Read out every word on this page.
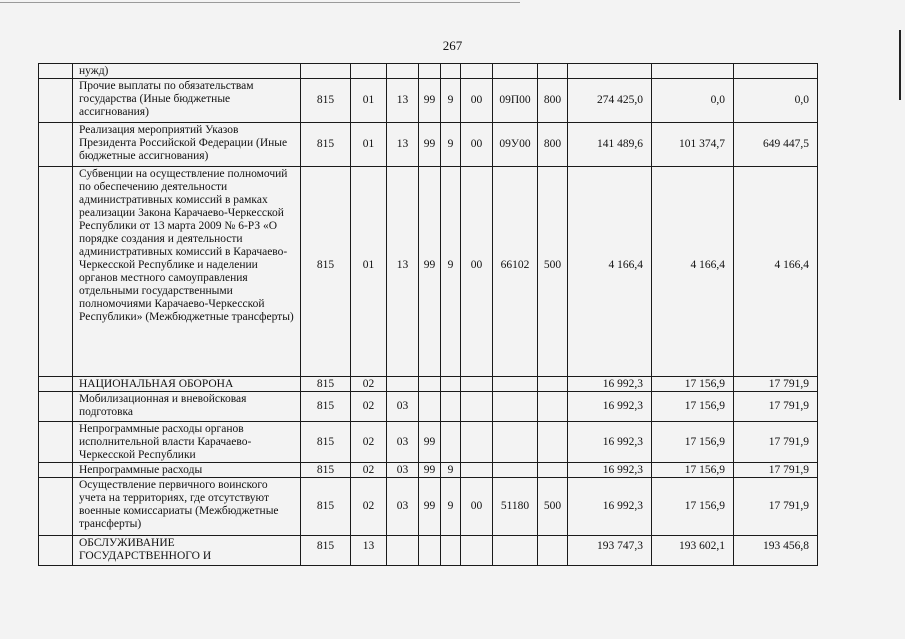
267
	нужд)											
	Прочие выплаты по обязательствам государства (Иные бюджетные ассигнования)	815	01	13	99	9	00	09П00	800	274 425,0	0,0	0,0
	Реализация мероприятий Указов Президента Российской Федерации (Иные бюджетные ассигнования)	815	01	13	99	9	00	09У00	800	141 489,6	101 374,7	649 447,5
	Субвенции на осуществление полномочий по обеспечению деятельности административных комиссий в рамках реализации Закона Карачаево-Черкесской Республики от 13 марта 2009 № 6-РЗ «О порядке создания и деятельности административных комиссий в Карачаево-Черкесской Республике и наделении органов местного самоуправления отдельными государственными полномочиями Карачаево-Черкесской Республики» (Межбюджетные трансферты)	815	01	13	99	9	00	66102	500	4 166,4	4 166,4	4 166,4
	НАЦИОНАЛЬНАЯ ОБОРОНА	815	02							16 992,3	17 156,9	17 791,9
	Мобилизационная и вневойсковая подготовка	815	02	03						16 992,3	17 156,9	17 791,9
	Непрограммные расходы органов исполнительной власти Карачаево-Черкесской Республики	815	02	03	99					16 992,3	17 156,9	17 791,9
	Непрограммные расходы	815	02	03	99	9				16 992,3	17 156,9	17 791,9
	Осуществление первичного воинского учета на территориях, где отсутствуют военные комиссариаты (Межбюджетные трансферты)	815	02	03	99	9	00	51180	500	16 992,3	17 156,9	17 791,9
	ОБСЛУЖИВАНИЕ ГОСУДАРСТВЕННОГО И	815	13							193 747,3	193 602,1	193 456,8
